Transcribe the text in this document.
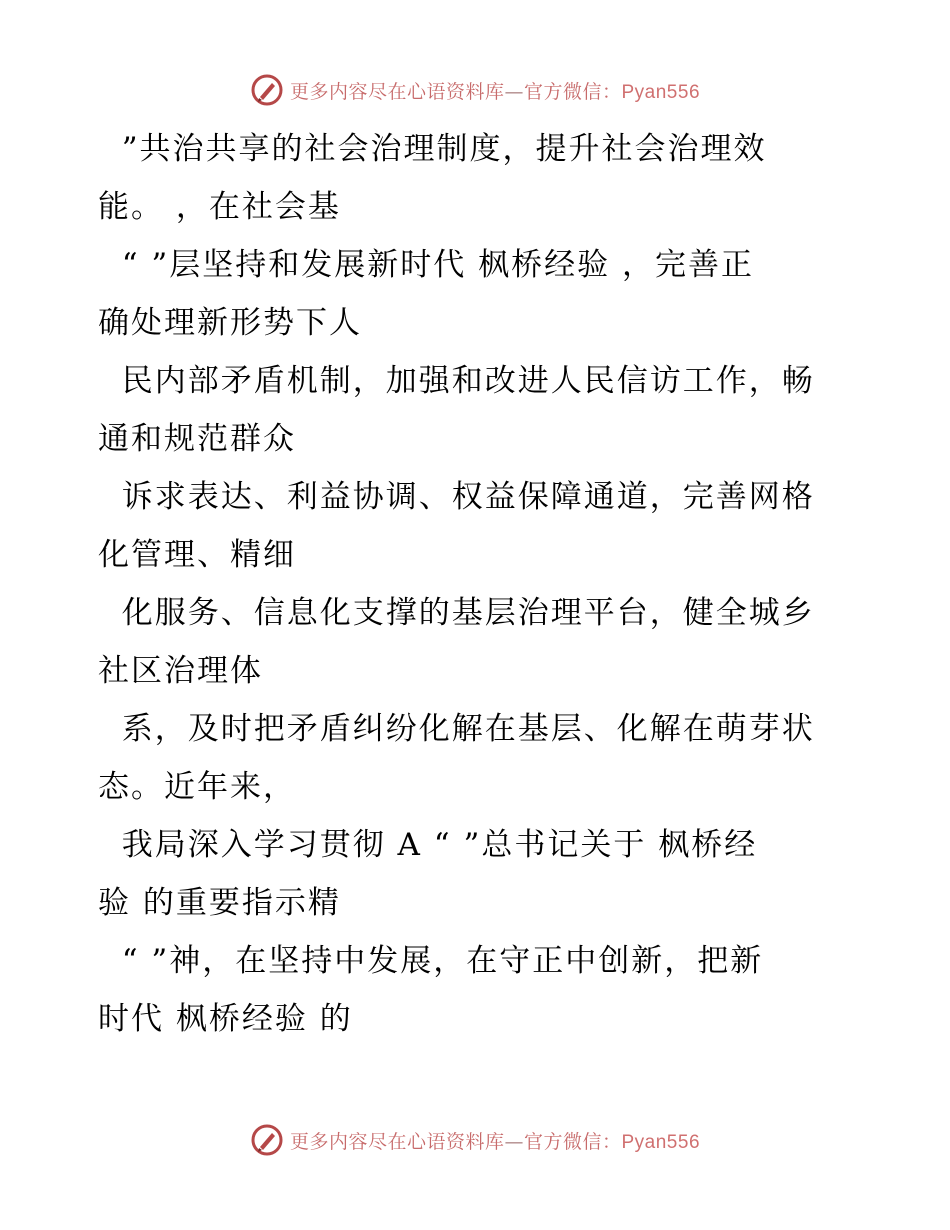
更多内容尽在心语资料库—官方微信：Pyan556
”共治共享的社会治理制度，提升社会治理效
能。 ，在社会基
“ ”层坚持和发展新时代 枫桥经验 ，完善正
确处理新形势下人
民内部矛盾机制，加强和改进人民信访工作，畅
通和规范群众
诉求表达、利益协调、权益保障通道，完善网格
化管理、精细
化服务、信息化支撑的基层治理平台，健全城乡
社区治理体
系，及时把矛盾纠纷化解在基层、化解在萌芽状
态。近年来，
我局深入学习贯彻 A “ ”总书记关于 枫桥经
验 的重要指示精
“ ”神，在坚持中发展，在守正中创新，把新
时代 枫桥经验 的
更多内容尽在心语资料库—官方微信：Pyan556
